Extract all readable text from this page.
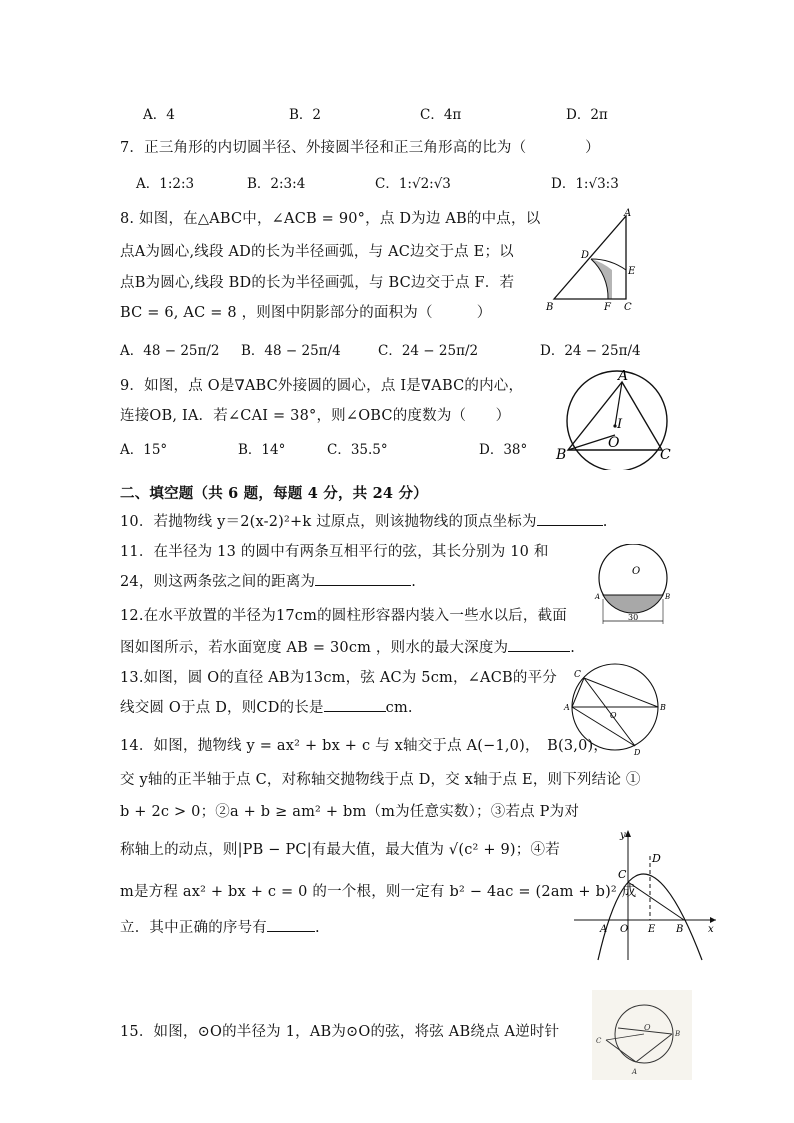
A．4	B．2	C．4π	D．2π
7．正三角形的内切圆半径、外接圆半径和正三角形高的比为（　　　　）
A．1:2:3	B．2:3:4	C．1:√2:√3	D．1:√3:3
8. 如图，在△ABC中，∠ACB = 90°，点 D为边 AB的中点，以
点A为圆心,线段 AD的长为半径画弧，与 AC边交于点 E；以
点B为圆心,线段 BD的长为半径画弧，与 BC边交于点 F．若
BC = 6, AC = 8 ，则图中阴影部分的面积为（　　　）
A．48 − 25π/2 B．48 − 25π/4	C．24 − 25π/2	D．24 − 25π/4
A
D
E
B	F C
9．如图，点 O是∇ABC外接圆的圆心，点 I是∇ABC的内心，
连接OB, IA．若∠CAI = 38°，则∠OBC的度数为（　　）
A．15°	B．14°	C．35.5°	D．38°
A
I
O
B	C
二、填空题（共 6 题，每题 4 分，共 24 分）
10．若抛物线 y＝2(x-2)²+k 过原点，则该抛物线的顶点坐标为	.
11．在半径为 13 的圆中有两条互相平行的弦，其长分别为 10 和
24，则这两条弦之间的距离为	.
O
A	B
30
12.在水平放置的半径为17cm的圆柱形容器内装入一些水以后，截面
图如图所示，若水面宽度 AB = 30cm ，则水的最大深度为	.
13.如图，圆 O的直径 AB为13cm，弦 AC为 5cm，∠ACB的平分
线交圆 O于点 D，则CD的长是	cm.
C
A
O
B
D
14．如图，抛物线 y = ax² + bx + c 与 x轴交于点 A(−1,0)，　B(3,0)，
交 y轴的正半轴于点 C，对称轴交抛物线于点 D，交 x轴于点 E，则下列结论 ①
b + 2c > 0；②a + b ≥ am² + bm（m为任意实数）；③若点 P为对
称轴上的动点，则|PB − PC|有最大值，最大值为 √(c² + 9)；④若
m是方程 ax² + bx + c = 0 的一个根，则一定有 b² − 4ac = (2am + b)² 成
立．其中正确的序号有	.
y
D
C
A O E B x
15．如图，⊙O的半径为 1，AB为⊙O的弦，将弦 AB绕点 A逆时针	O
C
B
A
